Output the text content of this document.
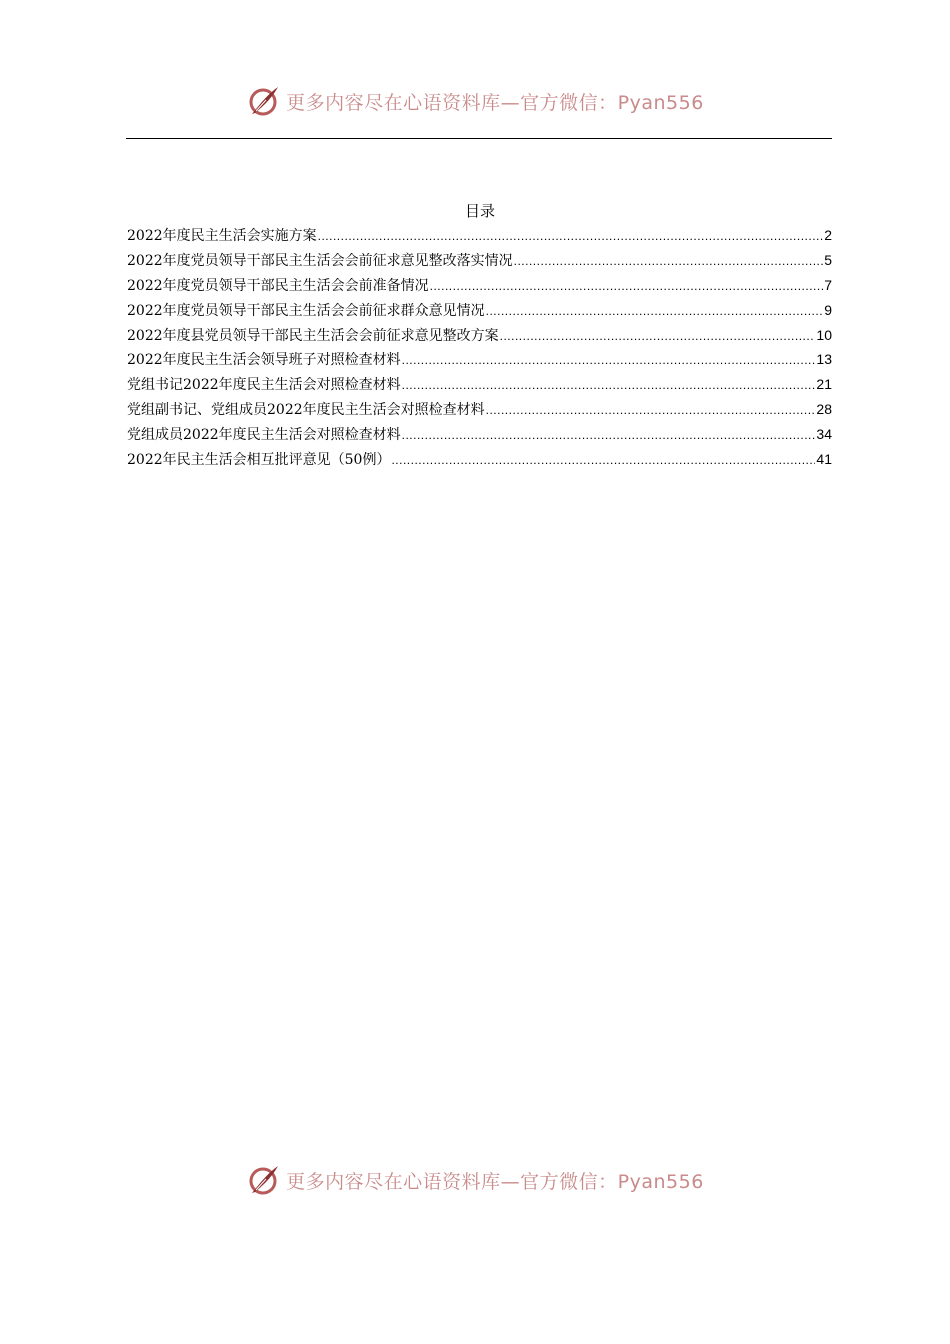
更多内容尽在心语资料库—官方微信：Pyan556
目录
2022年度民主生活会实施方案 .....	2
2022年度党员领导干部民主生活会会前征求意见整改落实情况 .....	5
2022年度党员领导干部民主生活会会前准备情况 .....	7
2022年度党员领导干部民主生活会会前征求群众意见情况 .....	9
2022年度县党员领导干部民主生活会会前征求意见整改方案 .....	10
2022年度民主生活会领导班子对照检查材料 .....	13
党组书记2022年度民主生活会对照检查材料 .....	21
党组副书记、党组成员2022年度民主生活会对照检查材料 .....	28
党组成员2022年度民主生活会对照检查材料 .....	34
2022年民主生活会相互批评意见（50例） .....	41
更多内容尽在心语资料库—官方微信：Pyan556
